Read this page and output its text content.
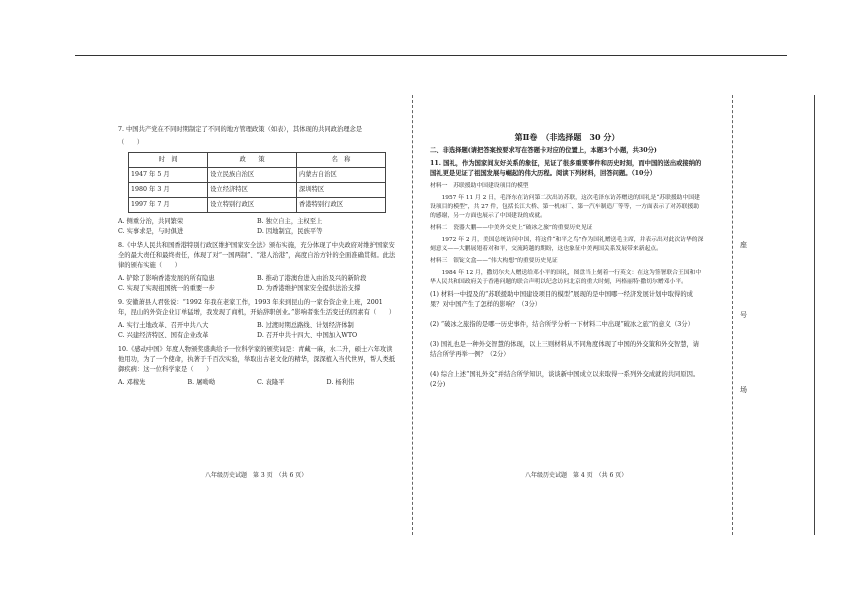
7. 中国共产党在不同时期制定了不同的地方管理政策（如表），其体现的共同政治理念是

（　　）

时　间	政　　策	名　称
1947 年 5 月	设立民族自治区	内蒙古自治区
1980 年 3 月	设立经济特区	深圳特区
1997 年 7 月	设立特别行政区	香港特别行政区
A. 侧重分治，共同繁荣	B. 独立自主，主权至上
C. 实事求是，与时俱进	D. 因地制宜，民族平等

8.《中华人民共和国香港特别行政区维护国家安全法》颁布实施，充分体现了中央政府对维护国家安全的最大责任和最终责任，体现了对“一国两制”、“港人治港”，高度自治方针的全面准确贯彻。此法律的颁布实施（　　）

A. 铲除了影响香港发展的所有隐患	B. 推动了港澳台进入由治及兴的新阶段
C. 实现了实现祖国统一的重要一步	D. 为香港维护国家安全提供法治支撑

9. 安徽萧县人君张说：“1992 年我在老家工作，1993 年来到昆山的一家台资企业上班，2001 年，昆山的外资企业订单猛增，我发现了商机，开始辞职创业。”影响者张生活变迁的因素有（　　）

A. 实行土地改革、召开中共八大	B. 过渡时期总路线、计划经济体制
C. 兴建经济特区、国有企业改革	D. 召开中共十四大、中国加入WTO

10.《感动中国》年度人物颁奖盛典给予一位科学家的颁奖词是：青藏一麻，水二升，硕士六年攻读他用功，为了一个使命，执著于千百次实验，举取出古老文化的精华，深深植入当代世界，帮人类抵御疾病：这一位科学家是（　　）

A. 邓稼先	B. 屠呦呦	C. 袁隆平	D. 杨利伟
八年级历史试题　第 3 页　（共 6 页）
第Ⅱ卷　（非选择题　30 分）

二、非选择题(请把答案按要求写在答题卡对应的位置上，本题3个小题，共30分)

11. 国礼，作为国家间友好关系的象征，见证了很多重要事件和历史时刻，而中国的送出或接纳的国礼更是见证了祖国发展与崛起的伟大历程。阅读下列材料，回答问题。（10分）

材料一　苏联援助中国建设项目的模型

1957 年 11 月 2 日，毛泽东在访问第二次出访苏联，这次毛泽东访苏赠送的国礼是“苏联援助中国建设项目的模型”，共 27 件，包括长江大桥、第一机床厂、第一汽车制造厂等等，一方面表示了对苏联援助的感谢，另一方面也展示了中国建设的成就。

材料二　瓷器大鹏——中美外交史上“破冰之旅”的重要历史见证

1972 年 2 月，美国总统访问中国，将这件“和平之鸟”作为国礼赠送毛主席，并表示出对此次访华的深刻意义——大鹏展翅着对和平，交流跨越的期盼，这也象征中美两国关系发展带来新起点。

材料三　银锭文盒——“伟大构想”的重要历史见证

1984 年 12 月，撒切尔夫人赠送给邓小平的国礼，图盘当上刻着一行英文：在这为签署联合王国和中华人民共和国政府关于香港问题的联合声明以纪念访问北京的重大时刻，玛格丽特·撒切尔赠邓小平。

(1) 材料一中提及的“苏联援助中国建设项目的模型”展现的是中国哪一经济发展计划中取得的成果？对中国产生了怎样的影响？（3分）

(2) “破冰之旅指的是哪一历史事件，结合所学分析一下材料二中出现“破冰之旅”的意义（3分）

(3) 国礼也是一种外交智慧的体现，以上三则材料从不同角度体现了中国的外交策和外交智慧，请结合所学再举一例？（2分）

(4) 综合上述“国礼外交”并结合所学知识，谈谈新中国成立以来取得一系列外交成就的共同原因。(2分)

八年级历史试题　第 4 页　（共 6 页）
座
号
场
